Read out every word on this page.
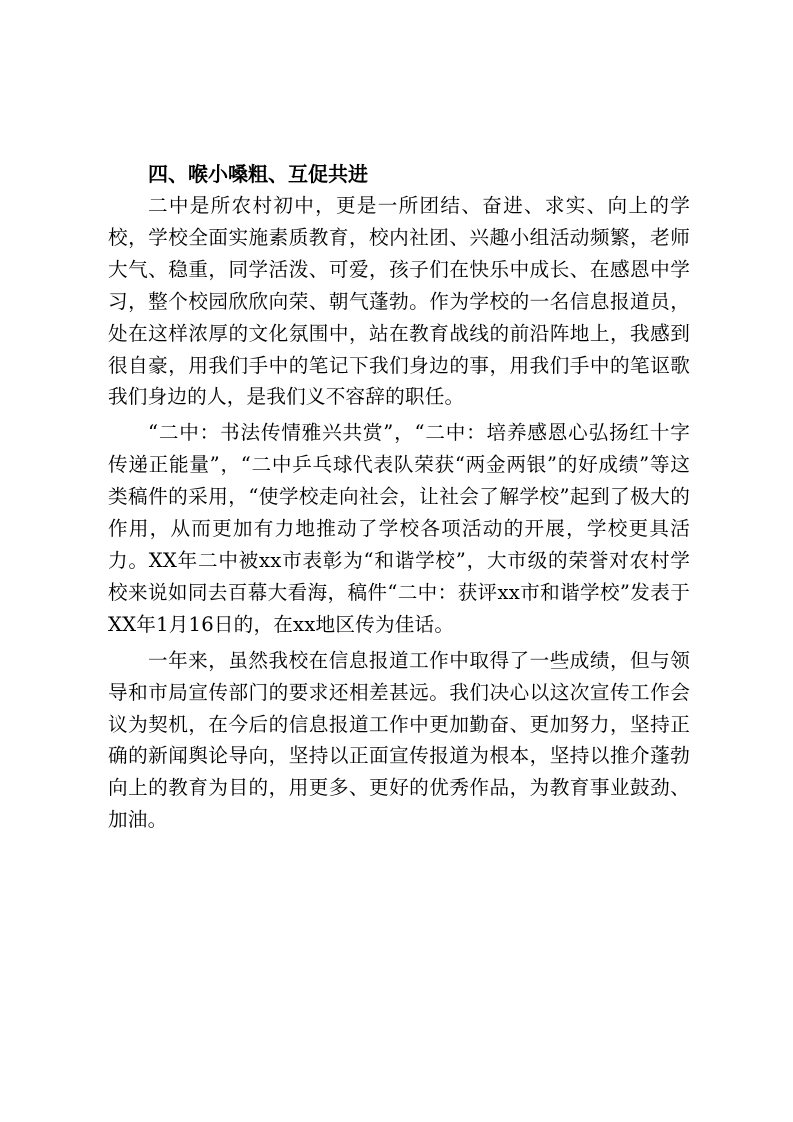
四、喉小嗓粗、互促共进

二中是所农村初中，更是一所团结、奋进、求实、向上的学校，学校全面实施素质教育，校内社团、兴趣小组活动频繁，老师大气、稳重，同学活泼、可爱，孩子们在快乐中成长、在感恩中学习，整个校园欣欣向荣、朝气蓬勃。作为学校的一名信息报道员，处在这样浓厚的文化氛围中，站在教育战线的前沿阵地上，我感到很自豪，用我们手中的笔记下我们身边的事，用我们手中的笔讴歌我们身边的人，是我们义不容辞的职任。

“二中：书法传情雅兴共赏”，“二中：培养感恩心弘扬红十字传递正能量”，“二中乒乓球代表队荣获“两金两银”的好成绩”等这类稿件的采用，“使学校走向社会，让社会了解学校”起到了极大的作用，从而更加有力地推动了学校各项活动的开展，学校更具活力。XX年二中被xx市表彰为“和谐学校”，大市级的荣誉对农村学校来说如同去百幕大看海，稿件“二中：获评xx市和谐学校”发表于XX年1月16日的，在xx地区传为佳话。

一年来，虽然我校在信息报道工作中取得了一些成绩，但与领导和市局宣传部门的要求还相差甚远。我们决心以这次宣传工作会议为契机，在今后的信息报道工作中更加勤奋、更加努力，坚持正确的新闻舆论导向，坚持以正面宣传报道为根本，坚持以推介蓬勃向上的教育为目的，用更多、更好的优秀作品，为教育事业鼓劲、加油。
